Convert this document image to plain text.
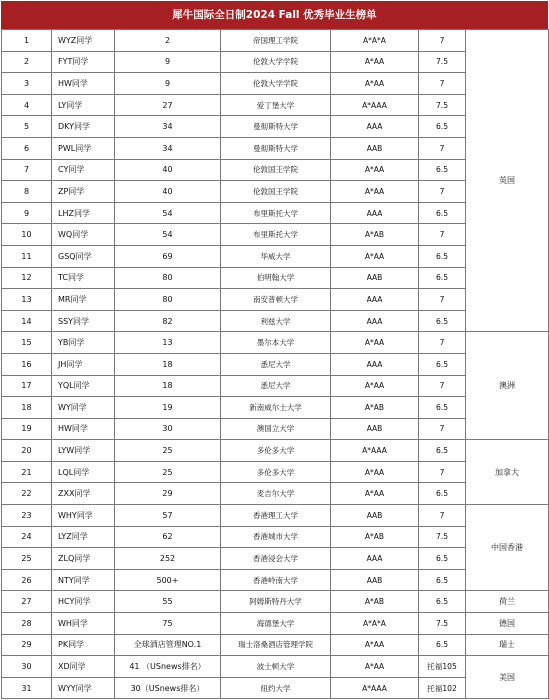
犀牛国际全日制2024 Fall 优秀毕业生榜单
1	WYZ同学	2	帝国理工学院	A*A*A	7	英国
2	FYT同学	9	伦敦大学学院	A*AA	7.5	
3	HW同学	9	伦敦大学学院	A*AA	7	
4	LY同学	27	爱丁堡大学	A*AAA	7.5	
5	DKY同学	34	曼彻斯特大学	AAA	6.5	
6	PWL同学	34	曼彻斯特大学	AAB	7	
7	CY同学	40	伦敦国王学院	A*AA	6.5	
8	ZP同学	40	伦敦国王学院	A*AA	7	
9	LHZ同学	54	布里斯托大学	AAA	6.5	
10	WQ同学	54	布里斯托大学	A*AB	7	
11	GSQ同学	69	华威大学	A*AA	6.5	
12	TC同学	80	伯明翰大学	AAB	6.5	
13	MR同学	80	南安普顿大学	AAA	7	
14	SSY同学	82	利兹大学	AAA	6.5	
15	YB同学	13	墨尔本大学	A*AA	7	澳洲
16	JH同学	18	悉尼大学	AAA	6.5	
17	YQL同学	18	悉尼大学	A*AA	7	
18	WY同学	19	新南威尔士大学	A*AB	6.5	
19	HW同学	30	澳国立大学	AAB	7	
20	LYW同学	25	多伦多大学	A*AAA	6.5	加拿大
21	LQL同学	25	多伦多大学	A*AA	7	
22	ZXX同学	29	麦吉尔大学	A*AA	6.5	
23	WHY同学	57	香港理工大学	AAB	7	中国香港
24	LYZ同学	62	香港城市大学	A*AB	7.5	
25	ZLQ同学	252	香港浸会大学	AAA	6.5	
26	NTY同学	500+	香港岭南大学	AAB	6.5	
27	HCY同学	55	阿姆斯特丹大学	A*AB	6.5	荷兰
28	WH同学	75	海德堡大学	A*A*A	7.5	德国
29	PK同学	全球酒店管理NO.1	瑞士洛桑酒店管理学院	A*AA	6.5	瑞士
30	XD同学	41 （USnews排名）	波士顿大学	A*AA	托福105	美国
31	WYY同学	30（USnews排名）	纽约大学	A*AAA	托福102	
